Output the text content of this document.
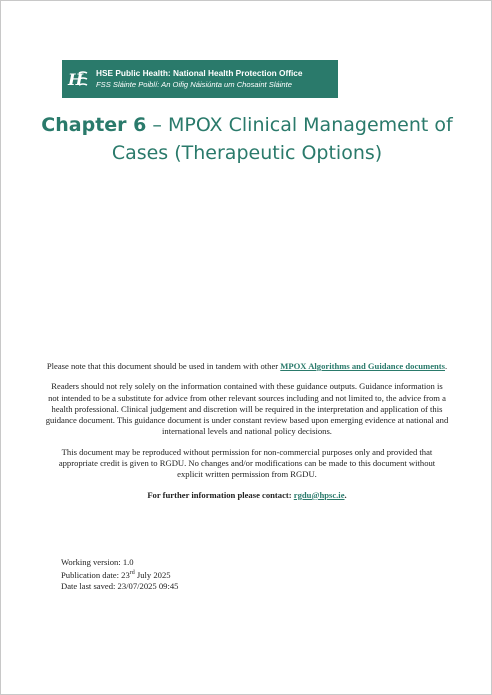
H HSE Public Health: National Health Protection Office
FSS Sláinte Poiblí: An Oifig Náisiúnta um Chosaint Sláinte
Chapter 6 – MPOX Clinical Management of Cases (Therapeutic Options)

Please note that this document should be used in tandem with other MPOX Algorithms and Guidance documents.

Readers should not rely solely on the information contained with these guidance outputs. Guidance information is not intended to be a substitute for advice from other relevant sources including and not limited to, the advice from a health professional. Clinical judgement and discretion will be required in the interpretation and application of this guidance document. This guidance document is under constant review based upon emerging evidence at national and international levels and national policy decisions.

This document may be reproduced without permission for non-commercial purposes only and provided that appropriate credit is given to RGDU. No changes and/or modifications can be made to this document without explicit written permission from RGDU.

For further information please contact: rgdu@hpsc.ie.

Working version: 1.0
Publication date: 23rd July 2025
Date last saved: 23/07/2025 09:45
